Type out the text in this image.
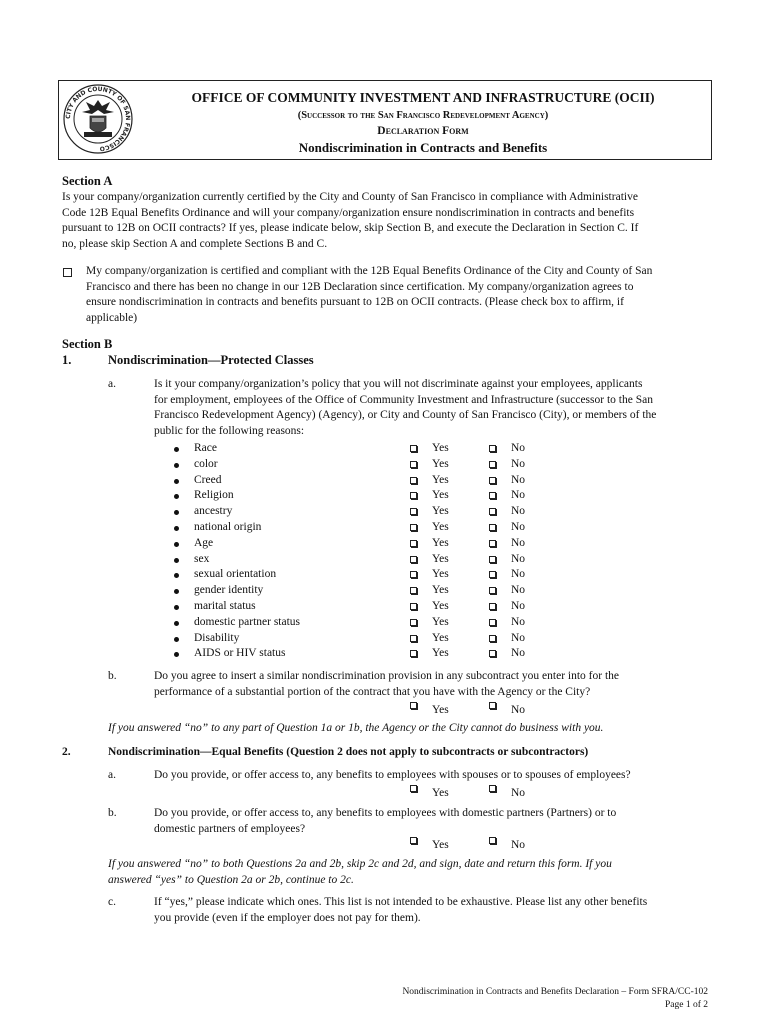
CITY AND COUNTY OF SAN FRANCISCO
OFFICE OF COMMUNITY INVESTMENT AND INFRASTRUCTURE (OCII)
(Successor to the San Francisco Redevelopment Agency)
Declaration Form
Nondiscrimination in Contracts and Benefits
Section A
Is your company/organization currently certified by the City and County of San Francisco in compliance with Administrative
Code 12B Equal Benefits Ordinance and will your company/organization ensure nondiscrimination in contracts and benefits
pursuant to 12B on OCII contracts? If yes, please indicate below, skip Section B, and execute the Declaration in Section C. If
no, please skip Section A and complete Sections B and C.
My company/organization is certified and compliant with the 12B Equal Benefits Ordinance of the City and County of San
Francisco and there has been no change in our 12B Declaration since certification. My company/organization agrees to
ensure nondiscrimination in contracts and benefits pursuant to 12B on OCII contracts. (Please check box to affirm, if
applicable)
Section B
1.	Nondiscrimination—Protected Classes
a.	Is it your company/organization’s policy that you will not discriminate against your employees, applicants
for employment, employees of the Office of Community Investment and Infrastructure (successor to the San
Francisco Redevelopment Agency) (Agency), or City and County of San Francisco (City), or members of the
public for the following reasons:
Race	Yes	No
color	Yes	No
Creed	Yes	No
Religion	Yes	No
ancestry	Yes	No
national origin	Yes	No
Age	Yes	No
sex	Yes	No
sexual orientation	Yes	No
gender identity	Yes	No
marital status	Yes	No
domestic partner status	Yes	No
Disability	Yes	No
AIDS or HIV status	Yes	No
b.	Do you agree to insert a similar nondiscrimination provision in any subcontract you enter into for the
performance of a substantial portion of the contract that you have with the Agency or the City?
Yes	No
If you answered “no” to any part of Question 1a or 1b, the Agency or the City cannot do business with you.
2.	Nondiscrimination—Equal Benefits (Question 2 does not apply to subcontracts or subcontractors)
a.	Do you provide, or offer access to, any benefits to employees with spouses or to spouses of employees?
Yes	No
b.	Do you provide, or offer access to, any benefits to employees with domestic partners (Partners) or to
domestic partners of employees?
Yes	No
If you answered “no” to both Questions 2a and 2b, skip 2c and 2d, and sign, date and return this form. If you
answered “yes” to Question 2a or 2b, continue to 2c.
c.	If “yes,” please indicate which ones. This list is not intended to be exhaustive. Please list any other benefits
you provide (even if the employer does not pay for them).
Nondiscrimination in Contracts and Benefits Declaration – Form SFRA/CC-102
Page 1 of 2
